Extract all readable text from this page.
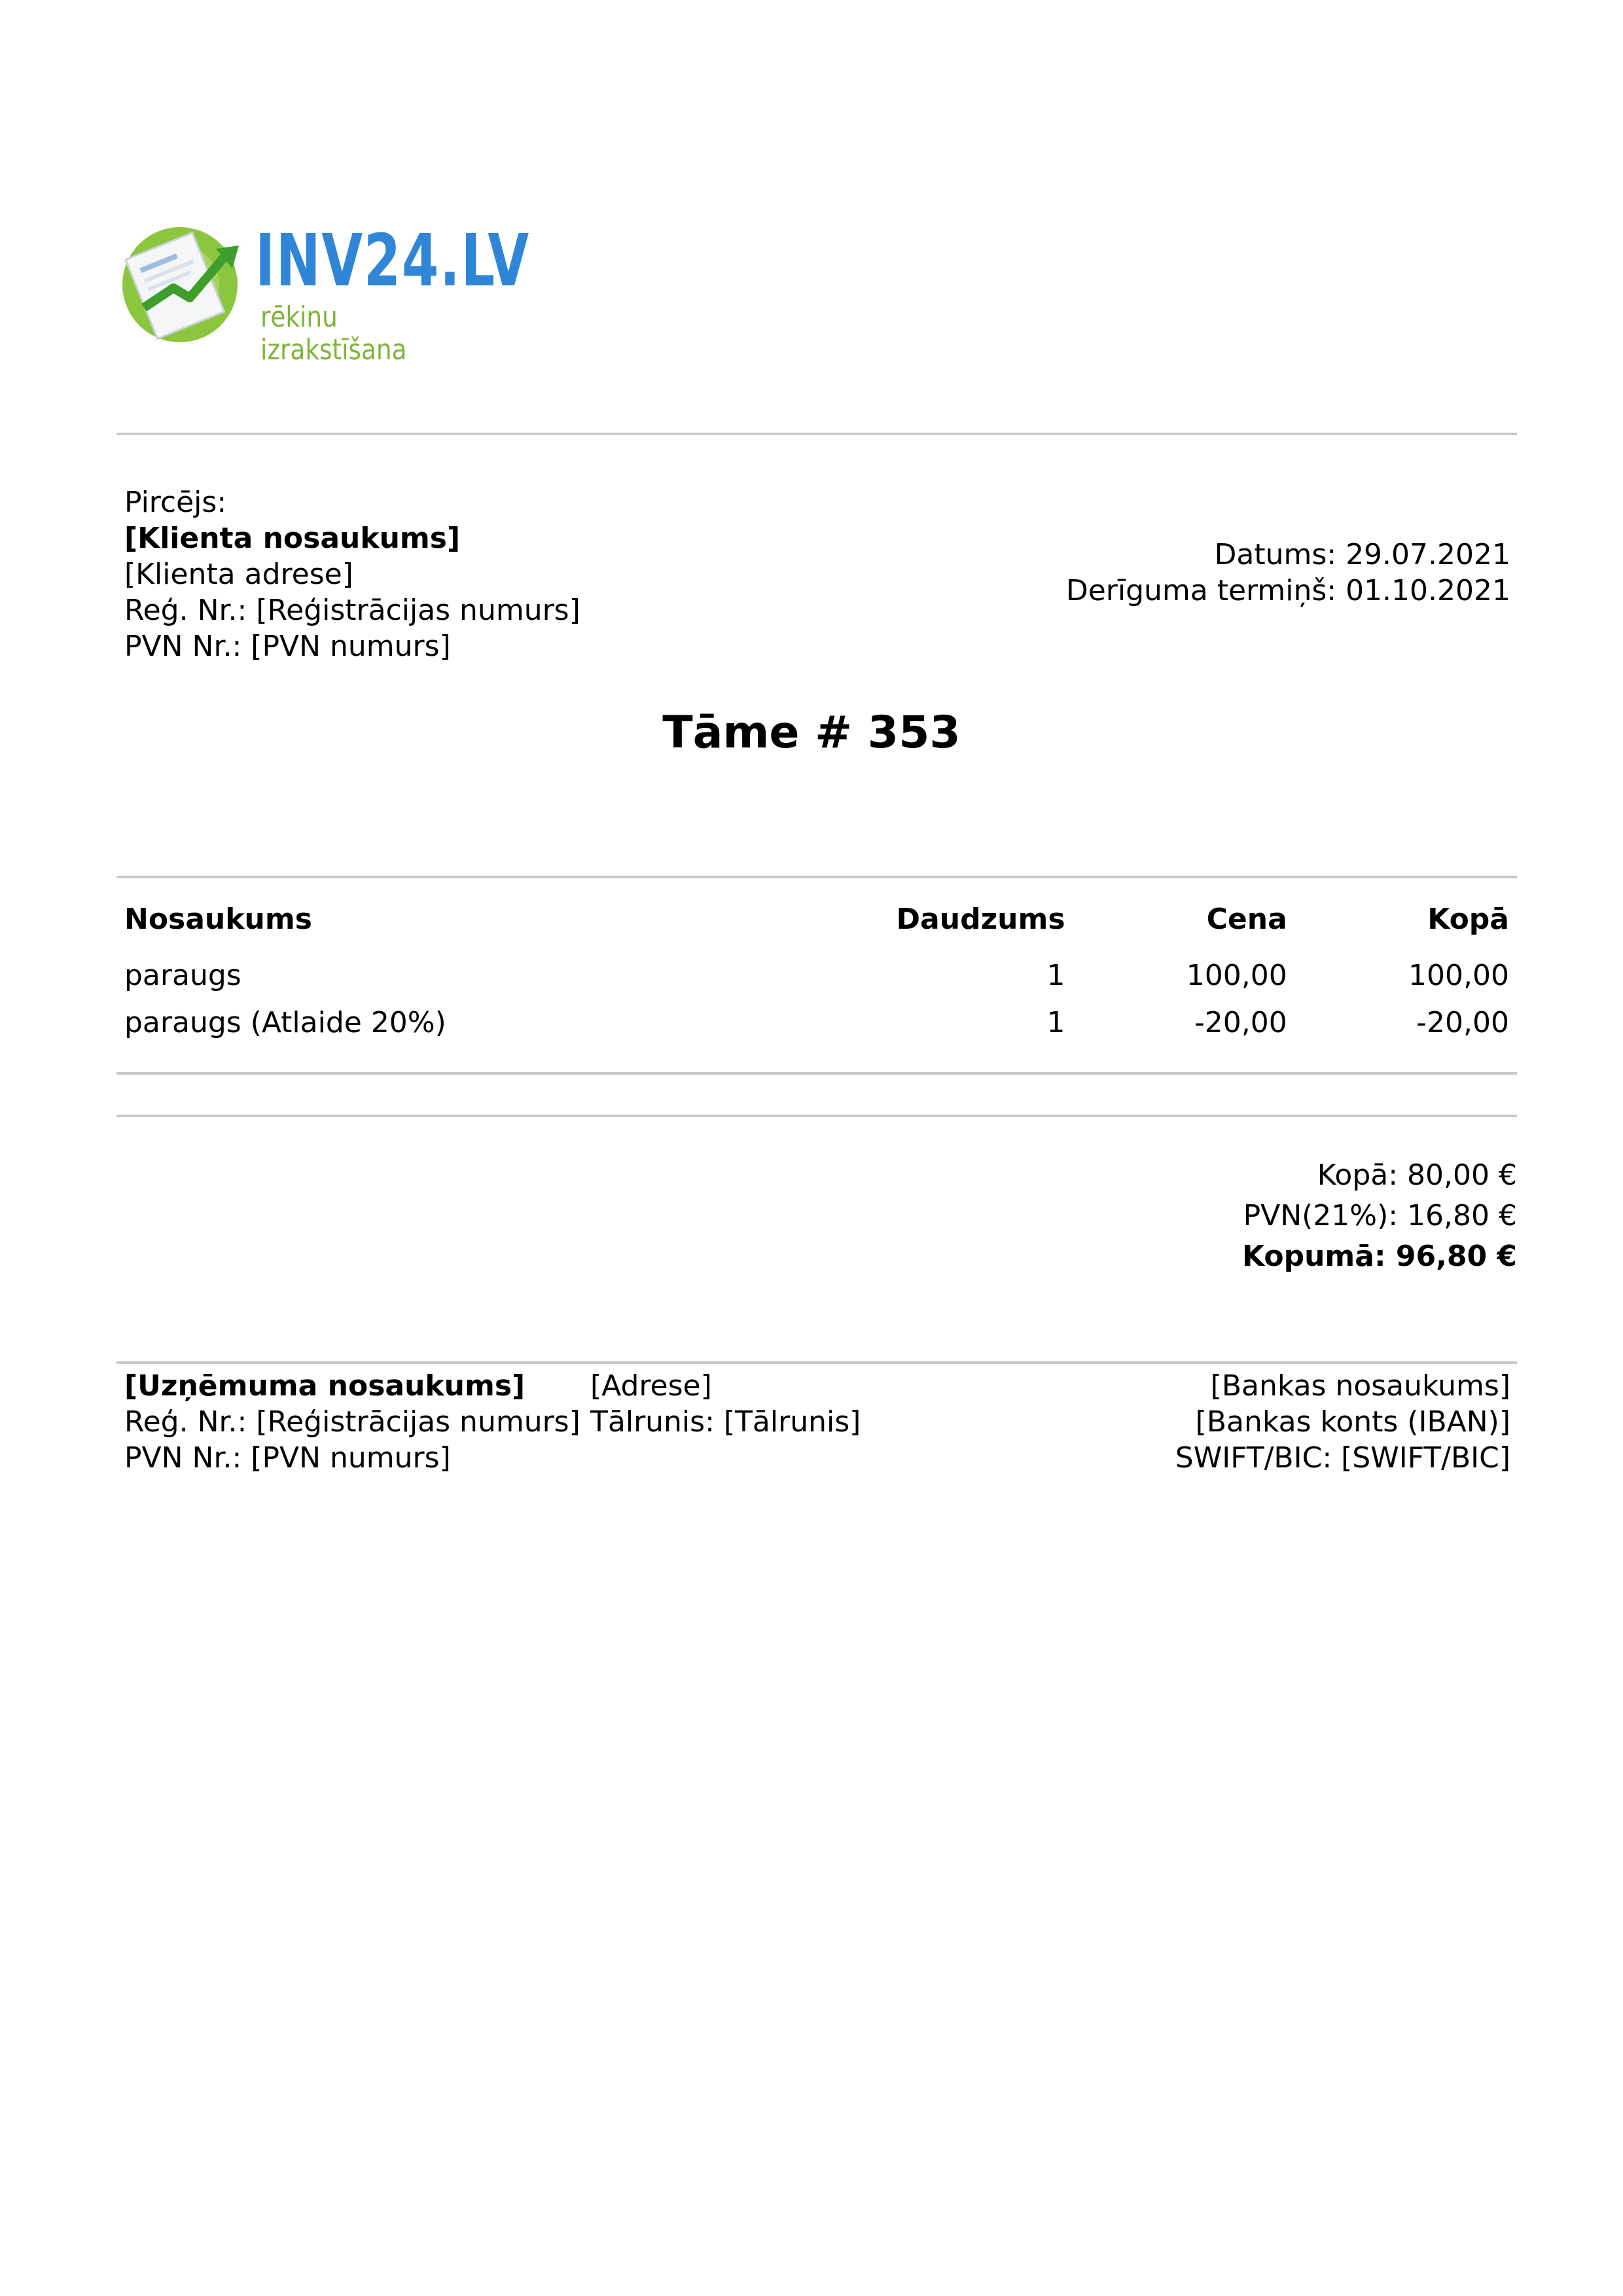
INV24.LV
rēkinu izrakstīšana
Pircējs:
[Klienta nosaukums]
[Klienta adrese]
Reģ. Nr.: [Reģistrācijas numurs]
PVN Nr.: [PVN numurs]
Datums: 29.07.2021
Derīguma termiņš: 01.10.2021
Tāme # 353
Nosaukums	Daudzums	Cena	Kopā
paraugs	1	100,00	100,00
paraugs (Atlaide 20%)	1	-20,00	-20,00
Kopā: 80,00 €
PVN(21%): 16,80 €
Kopumā: 96,80 €
[Uzņēmuma nosaukums]
Reģ. Nr.: [Reģistrācijas numurs]
PVN Nr.: [PVN numurs]
[Adrese]
Tālrunis: [Tālrunis]
[Bankas nosaukums]
[Bankas konts (IBAN)]
SWIFT/BIC: [SWIFT/BIC]
